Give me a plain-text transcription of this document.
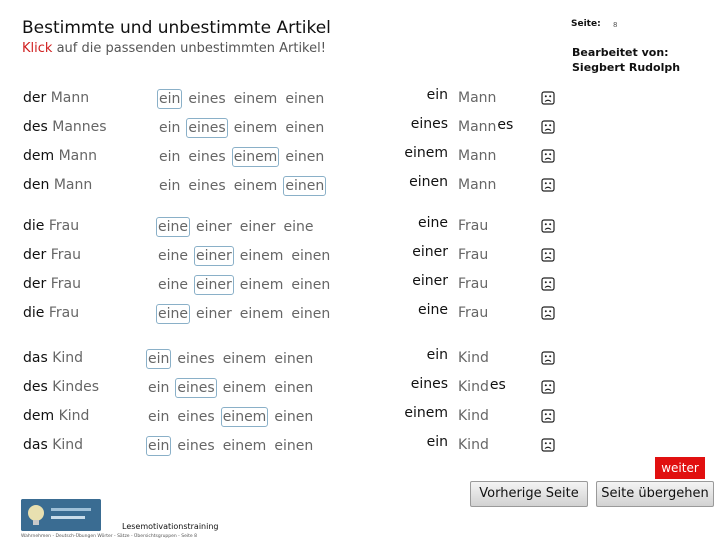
Bestimmte und unbestimmte Artikel
Klick auf die passenden unbestimmten Artikel!
Seite: 8
Bearbeitet von:
Siegbert Rudolph
der Mann	ein eines einem einen	ein Mann
des Mannes	ein eines einem einen	eines Mannes
dem Mann	ein eines einem einen	einem Mann
den Mann	ein eines einem einen	einen Mann
die Frau	eine einer einer eine	eine Frau
der Frau	eine einer einem einen	einer Frau
der Frau	eine einer einem einen	einer Frau
die Frau	eine einer einem einen	eine Frau
das Kind	ein eines einem einen	ein Kind
des Kindes	ein eines einem einen	eines Kindes
dem Kind	ein eines einem einen	einem Kind
das Kind	ein eines einem einen	ein Kind
weiter
Lesemotivationstraining
Wahrnehmen - Deutsch-Übungen Wörter - Sätze - Übersichtsgruppen - Seite 8
Vorherige Seite	Seite übergehen
